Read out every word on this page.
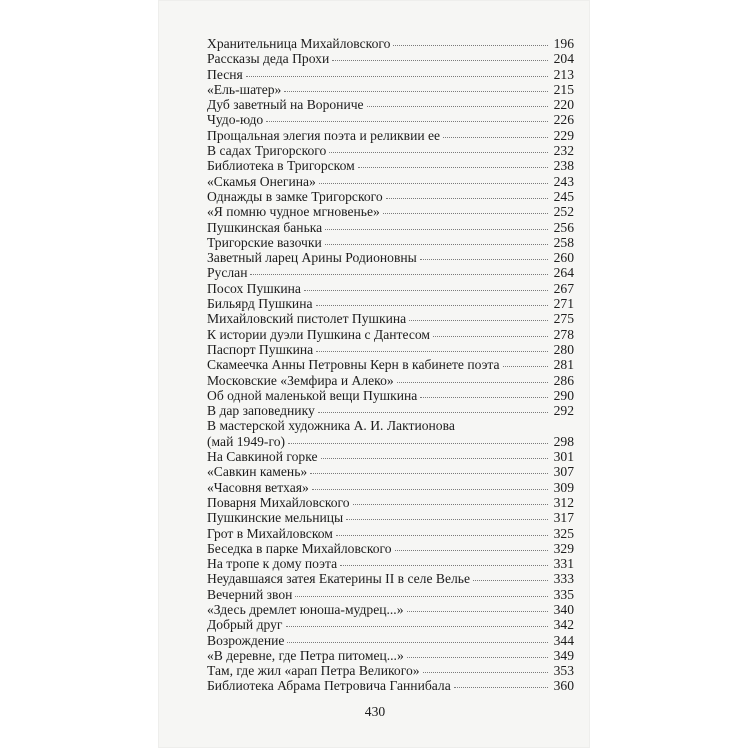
Хранительница Михайловского	196
Рассказы деда Прохи	204
Песня	213
«Ель-шатер»	215
Дуб заветный на Вороничe	220
Чудо-юдо	226
Прощальная элегия поэта и реликвии ее	229
В садах Тригорского	232
Библиотека в Тригорском	238
«Скамья Онегина»	243
Однажды в замке Тригорского	245
«Я помню чудное мгновенье»	252
Пушкинская банька	256
Тригорские вазочки	258
Заветный ларец Арины Родионовны	260
Руслан	264
Посох Пушкина	267
Бильярд Пушкина	271
Михайловский пистолет Пушкина	275
К истории дуэли Пушкина с Дантесом	278
Паспорт Пушкина	280
Скамеечка Анны Петровны Керн в кабинете поэта	281
Московские «Земфира и Алеко»	286
Об одной маленькой вещи Пушкина	290
В дар заповеднику	292
В мастерской художника А. И. Лактионова
(май 1949-го)	298
На Савкиной горке	301
«Савкин камень»	307
«Часовня ветхая»	309
Поварня Михайловского	312
Пушкинские мельницы	317
Грот в Михайловском	325
Беседка в парке Михайловского	329
На тропе к дому поэта	331
Неудавшаяся затея Екатерины II в селе Велье	333
Вечерний звон	335
«Здесь дремлет юноша-мудрец...»	340
Добрый друг	342
Возрождение	344
«В деревне, где Петра питомец...»	349
Там, где жил «арап Петра Великого»	353
Библиотека Абрама Петровича Ганнибала	360
430
